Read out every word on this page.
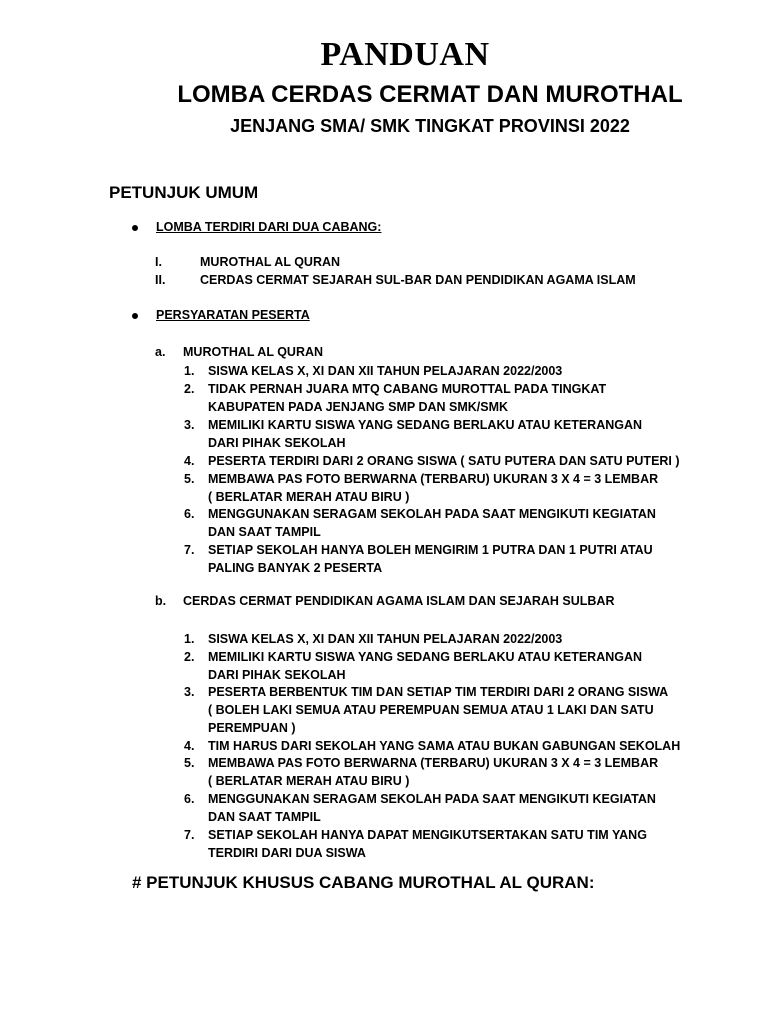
PANDUAN
LOMBA CERDAS CERMAT DAN MUROTHAL
JENJANG SMA/ SMK TINGKAT PROVINSI 2022
PETUNJUK UMUM
LOMBA TERDIRI DARI DUA CABANG:
I.	MUROTHAL AL QURAN
II.	CERDAS CERMAT SEJARAH SUL-BAR DAN PENDIDIKAN AGAMA ISLAM
PERSYARATAN PESERTA
a. MUROTHAL AL QURAN
1. SISWA KELAS X, XI DAN XII TAHUN PELAJARAN 2022/2003
2. TIDAK PERNAH JUARA MTQ CABANG MUROTTAL PADA TINGKAT
KABUPATEN PADA JENJANG SMP DAN SMK/SMK
3. MEMILIKI KARTU SISWA YANG SEDANG BERLAKU ATAU KETERANGAN
DARI PIHAK SEKOLAH
4. PESERTA TERDIRI DARI 2 ORANG SISWA ( SATU PUTERA DAN SATU PUTERI )
5. MEMBAWA PAS FOTO BERWARNA (TERBARU) UKURAN 3 X 4 = 3 LEMBAR
( BERLATAR MERAH ATAU BIRU )
6. MENGGUNAKAN SERAGAM SEKOLAH PADA SAAT MENGIKUTI KEGIATAN
DAN SAAT TAMPIL
7. SETIAP SEKOLAH HANYA BOLEH MENGIRIM 1 PUTRA DAN 1 PUTRI ATAU
PALING BANYAK 2 PESERTA
b. CERDAS CERMAT PENDIDIKAN AGAMA ISLAM DAN SEJARAH SULBAR
1. SISWA KELAS X, XI DAN XII TAHUN PELAJARAN 2022/2003
2. MEMILIKI KARTU SISWA YANG SEDANG BERLAKU ATAU KETERANGAN
DARI PIHAK SEKOLAH
3. PESERTA BERBENTUK TIM DAN SETIAP TIM TERDIRI DARI 2 ORANG SISWA
( BOLEH LAKI SEMUA ATAU PEREMPUAN SEMUA ATAU 1 LAKI DAN SATU
PEREMPUAN )
4. TIM HARUS DARI SEKOLAH YANG SAMA ATAU BUKAN GABUNGAN SEKOLAH
5. MEMBAWA PAS FOTO BERWARNA (TERBARU) UKURAN 3 X 4 = 3 LEMBAR
( BERLATAR MERAH ATAU BIRU )
6. MENGGUNAKAN SERAGAM SEKOLAH PADA SAAT MENGIKUTI KEGIATAN
DAN SAAT TAMPIL
7. SETIAP SEKOLAH HANYA DAPAT MENGIKUTSERTAKAN SATU TIM YANG
TERDIRI DARI DUA SISWA
# PETUNJUK KHUSUS CABANG MUROTHAL AL QURAN:
